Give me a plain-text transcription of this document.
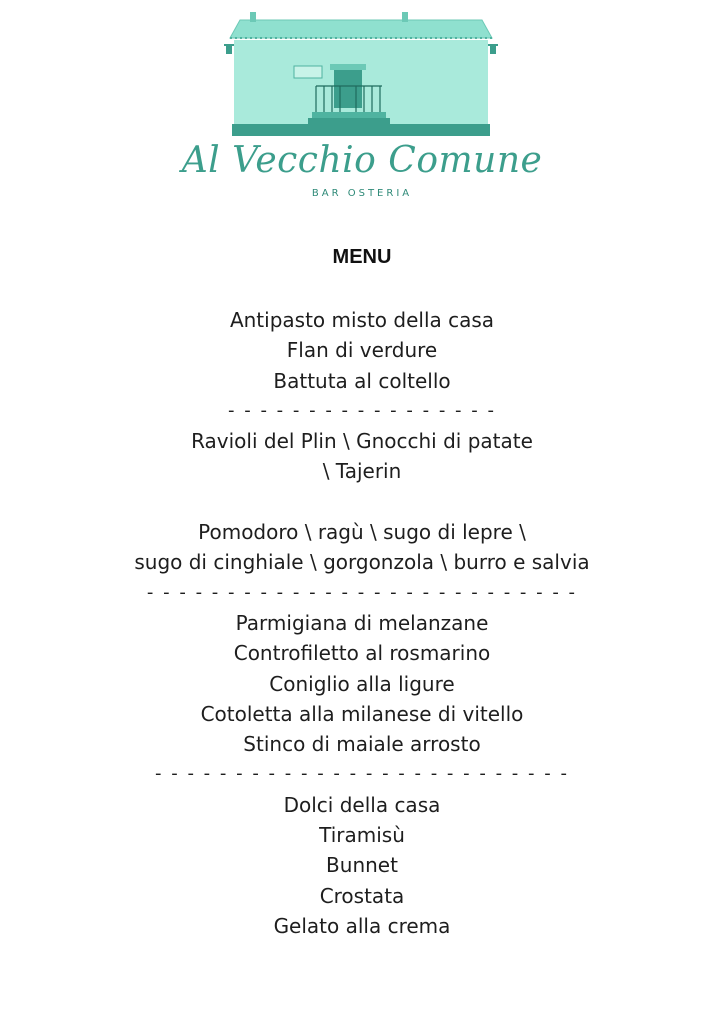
Al Vecchio Comune
BAR OSTERIA
MENU
Antipasto misto della casa
Flan di verdure
Battuta al coltello
- - - - - - - - - - - - - - - - -
Ravioli del Plin \ Gnocchi di patate
\ Tajerin
Pomodoro \ ragù \ sugo di lepre \
sugo di cinghiale \ gorgonzola \ burro e salvia
- - - - - - - - - - - - - - - - - - - - - - - - - - -
Parmigiana di melanzane
Controfiletto al rosmarino
Coniglio alla ligure
Cotoletta alla milanese di vitello
Stinco di maiale arrosto
- - - - - - - - - - - - - - - - - - - - - - - - - -
Dolci della casa
Tiramisù
Bunnet
Crostata
Gelato alla crema
